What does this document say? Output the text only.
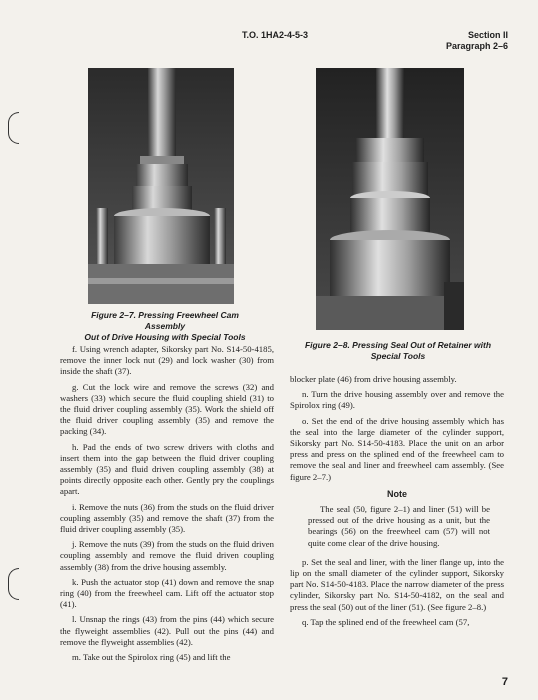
T.O. 1HA2-4-5-3	Section II
Paragraph 2–6
Figure 2–7. Pressing Freewheel Cam Assembly
Out of Drive Housing with Special Tools
Figure 2–8. Pressing Seal Out of Retainer with
Special Tools

f. Using wrench adapter, Sikorsky part No. S14-50-4185, remove the inner lock nut (29) and lock washer (30) from inside the shaft (37).

g. Cut the lock wire and remove the screws (32) and washers (33) which secure the fluid coupling shield (31) to the fluid driver coupling assembly (35). Work the shield off the fluid driver coupling assembly (35) and remove the packing (34).

h. Pad the ends of two screw drivers with cloths and insert them into the gap between the fluid driver coupling assembly (35) and fluid driven coupling assembly (38) at points directly opposite each other. Gently pry the couplings apart.

i. Remove the nuts (36) from the studs on the fluid driver coupling assembly (35) and remove the shaft (37) from the fluid driver coupling assembly (35).

j. Remove the nuts (39) from the studs on the fluid driven coupling assembly and remove the fluid driven coupling assembly (38) from the drive housing assembly.

k. Push the actuator stop (41) down and remove the snap ring (40) from the freewheel cam. Lift off the actuator stop (41).

l. Unsnap the rings (43) from the pins (44) which secure the flyweight assemblies (42). Pull out the pins (44) and remove the flyweight assemblies (42).

m. Take out the Spirolox ring (45) and lift the

blocker plate (46) from drive housing assembly.

n. Turn the drive housing assembly over and remove the Spirolox ring (49).

o. Set the end of the drive housing assembly which has the seal into the large diameter of the cylinder support, Sikorsky part No. S14-50-4183. Place the unit on an arbor press and press on the splined end of the freewheel cam to remove the seal and liner and freewheel cam assembly. (See figure 2–7.)

Note
The seal (50, figure 2–1) and liner (51) will be pressed out of the drive housing as a unit, but the bearings (56) on the freewheel cam (57) will not quite come clear of the drive housing.

p. Set the seal and liner, with the liner flange up, into the lip on the small diameter of the cylinder support, Sikorsky part No. S14-50-4183. Place the narrow diameter of the press cylinder, Sikorsky part No. S14-50-4182, on the seal and press the seal (50) out of the liner (51). (See figure 2–8.)

q. Tap the splined end of the freewheel cam (57,

7
